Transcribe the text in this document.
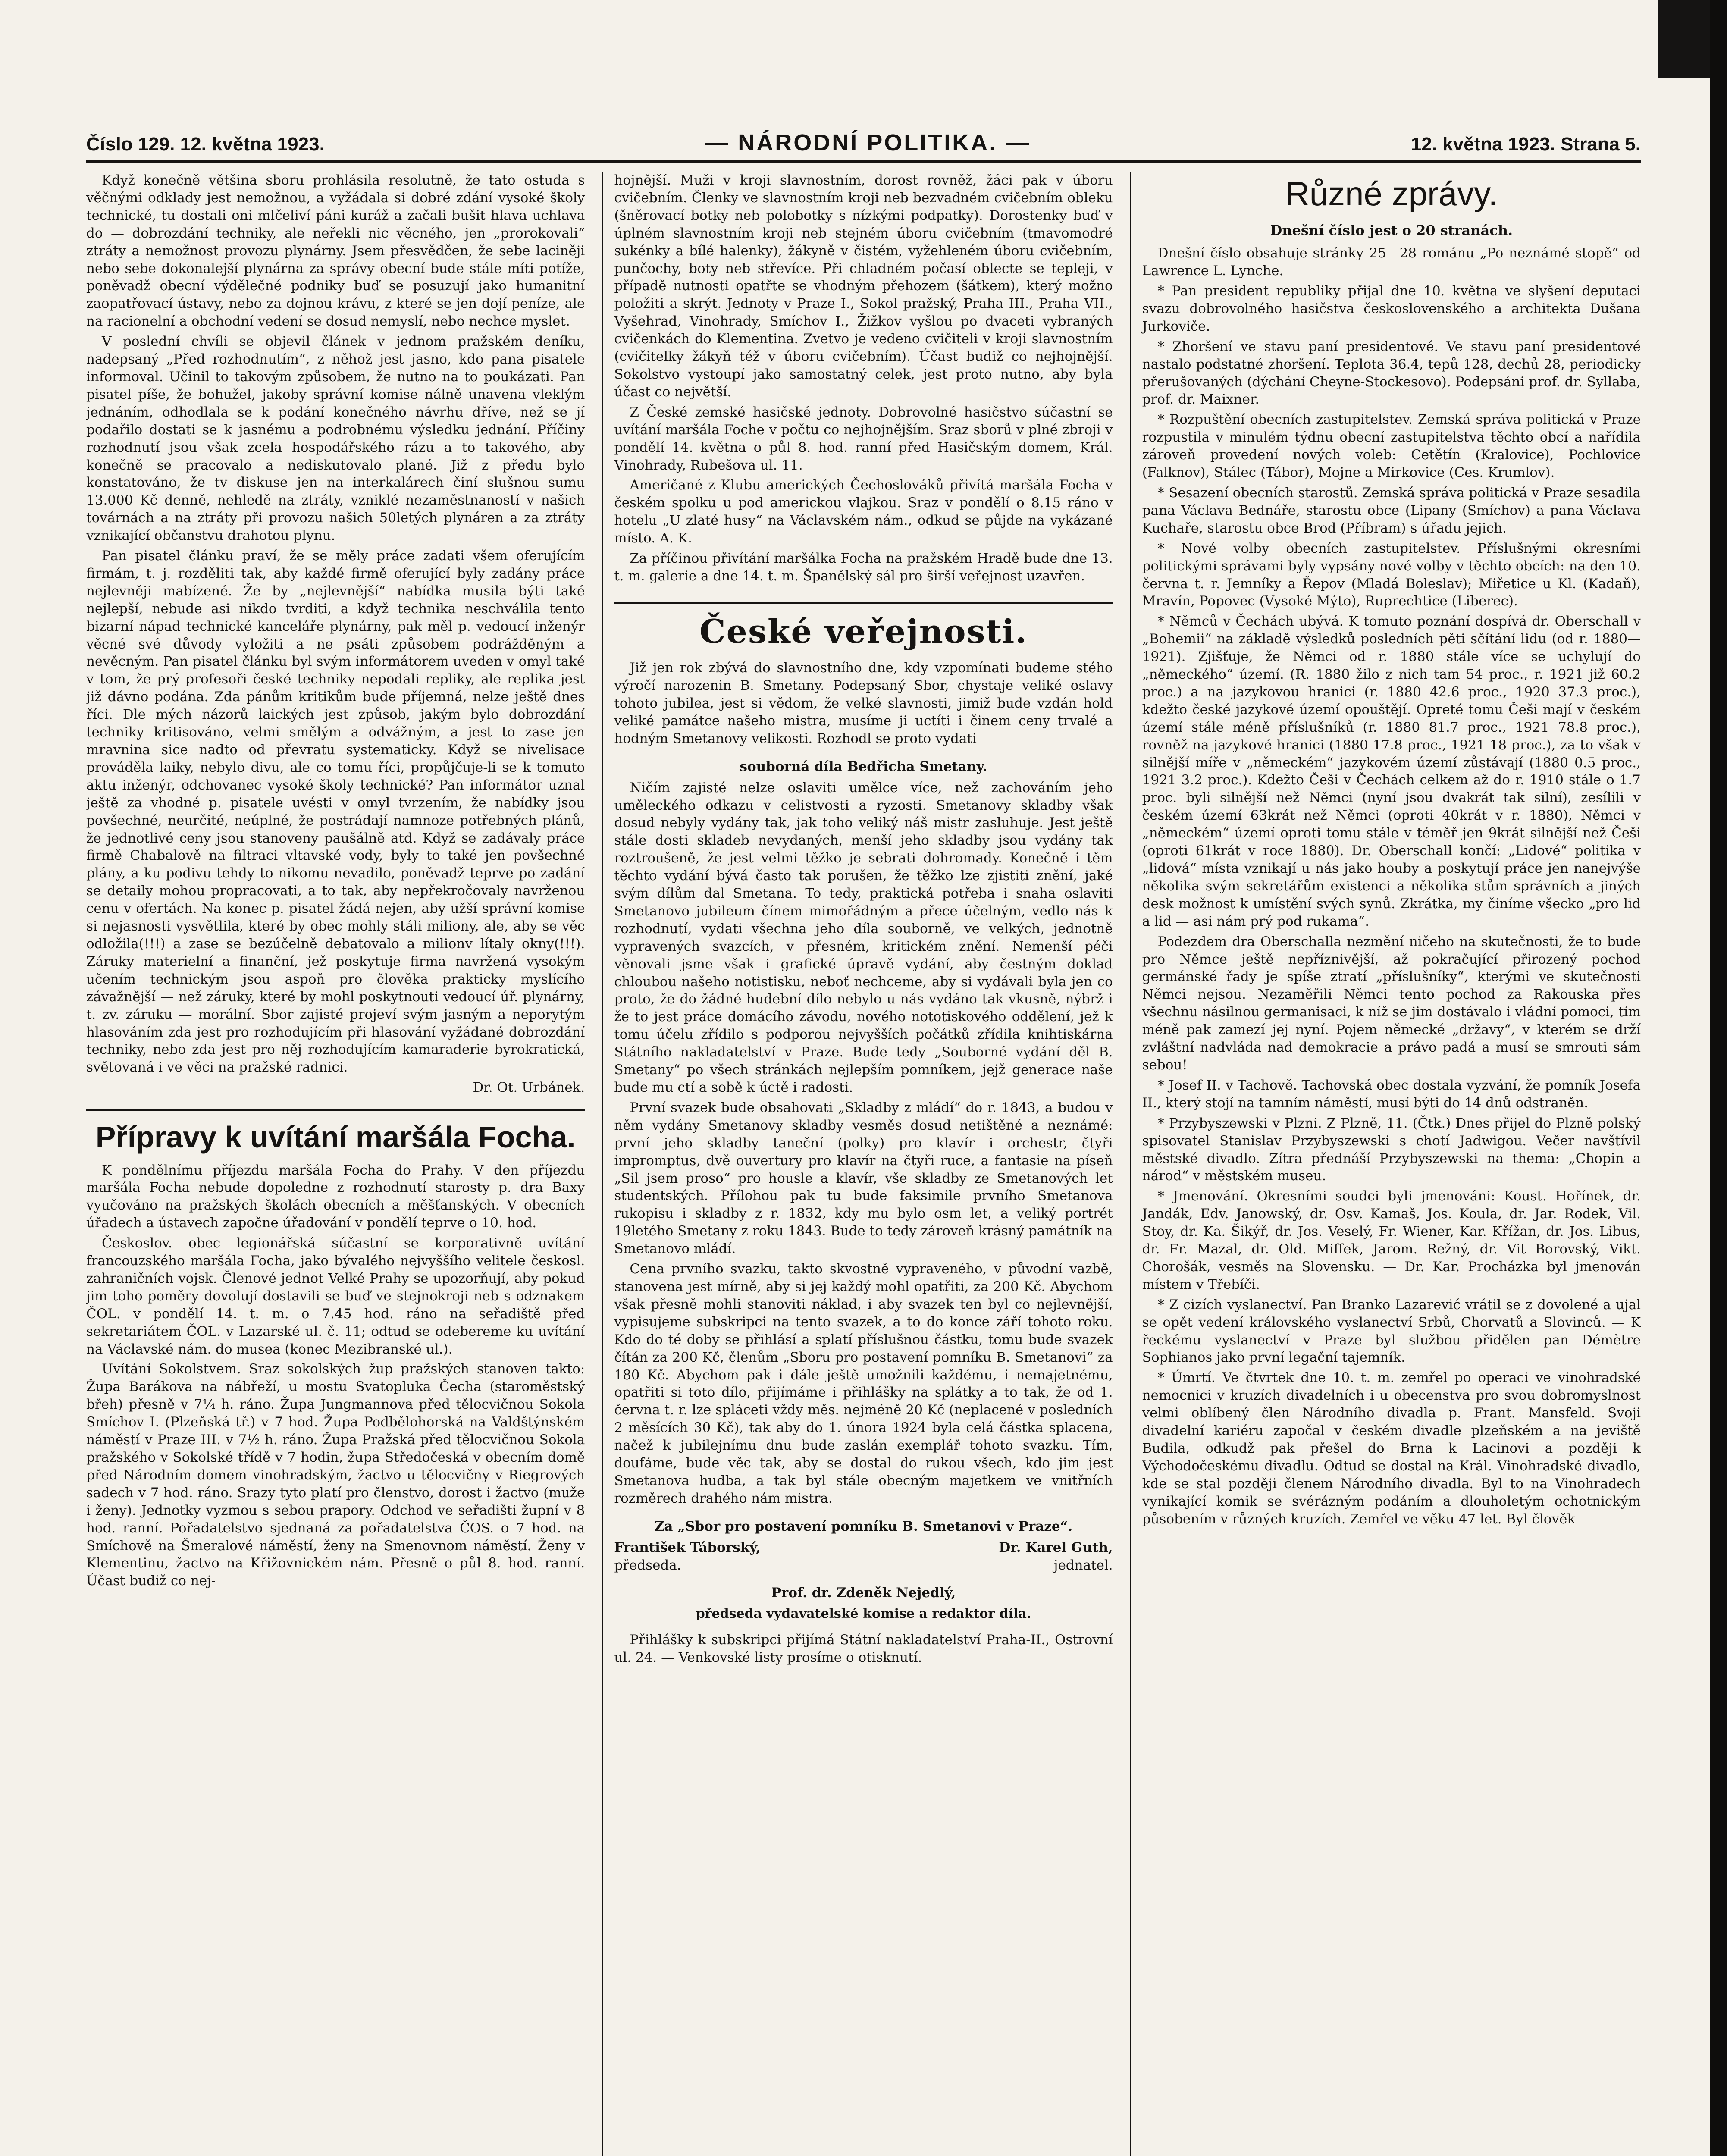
Číslo 129. 12. května 1923.	— NÁRODNÍ POLITIKA. —	12. května 1923. Strana 5.

Když konečně většina sboru prohlásila resolutně, že tato ostuda s věčnými odklady jest nemožnou, a vyžádala si dobré zdání vysoké školy technické, tu dostali oni mlčeliví páni kuráž a začali bušit hlava uchlava do — dobrozdání techniky, ale neřekli nic věcného, jen „prorokovali“ ztráty a nemožnost provozu plynárny. Jsem přesvědčen, že sebe laciněji nebo sebe dokonalejší plynárna za správy obecní bude stále míti potíže, poněvadž obecní výdělečné podniky buď se posuzují jako humanitní zaopatřovací ústavy, nebo za dojnou krávu, z které se jen dojí peníze, ale na racionelní a obchodní vedení se dosud nemyslí, nebo nechce myslet.

V poslední chvíli se objevil článek v jednom pražském deníku, nadepsaný „Před rozhodnutím“, z něhož jest jasno, kdo pana pisatele informoval. Učinil to takovým způsobem, že nutno na to poukázati. Pan pisatel píše, že bohužel, jakoby správní komise nálně unavena vleklým jednáním, odhodlala se k podání konečného návrhu dříve, než se jí podařilo dostati se k jasnému a podrobnému výsledku jednání. Příčiny rozhodnutí jsou však zcela hospodářského rázu a to takového, aby konečně se pracovalo a nediskutovalo plané. Již z předu bylo konstatováno, že tv diskuse jen na interkalárech činí slušnou sumu 13.000 Kč denně, nehledě na ztráty, vzniklé nezaměstnaností v našich továrnách a na ztráty při provozu našich 50letých plynáren a za ztráty vznikající občanstvu drahotou plynu.

Pan pisatel článku praví, že se měly práce zadati všem oferujícím firmám, t. j. rozděliti tak, aby každé firmě oferující byly zadány práce nejlevněji mabízené. Že by „nejlevnější“ nabídka musila býti také nejlepší, nebude asi nikdo tvrditi, a když technika neschválila tento bizarní nápad technické kanceláře plynárny, pak měl p. vedoucí inženýr věcné své důvody vyložiti a ne psáti způsobem podrážděným a nevěcným. Pan pisatel článku byl svým informátorem uveden v omyl také v tom, že prý profesoři české techniky nepodali repliky, ale replika jest již dávno podána. Zda pánům kritikům bude příjemná, nelze ještě dnes říci. Dle mých názorů laických jest způsob, jakým bylo dobrozdání techniky kritisováno, velmi smělým a odvážným, a jest to zase jen mravnina sice nadto od převratu systematicky. Když se nivelisace prováděla laiky, nebylo divu, ale co tomu říci, propůjčuje-li se k tomuto aktu inženýr, odchovanec vysoké školy technické? Pan informátor uznal ještě za vhodné p. pisatele uvésti v omyl tvrzením, že nabídky jsou povšechné, neurčité, neúplné, že postrádají namnoze potřebných plánů, že jednotlivé ceny jsou stanoveny paušálně atd. Když se zadávaly práce firmě Chabalově na filtraci vltavské vody, byly to také jen povšechné plány, a ku podivu tehdy to nikomu nevadilo, poněvadž teprve po zadání se detaily mohou propracovati, a to tak, aby nepřekročovaly navrženou cenu v ofertách. Na konec p. pisatel žádá nejen, aby užší správní komise si nejasnosti vysvětlila, které by obec mohly stáli miliony, ale, aby se věc odložila(!!!) a zase se bezúčelně debatovalo a milionv lítaly okny(!!!). Záruky materielní a finanční, jež poskytuje firma navržená vysokým učením technickým jsou aspoň pro člověka prakticky myslícího závažnější — než záruky, které by mohl poskytnouti vedoucí úř. plynárny, t. zv. záruku — morální. Sbor zajisté projeví svým jasným a neporytým hlasováním zda jest pro rozhodujícím při hlasování vyžádané dobrozdání techniky, nebo zda jest pro něj rozhodujícím kamaraderie byrokratická, světovaná i ve věci na pražské radnici.

Dr. Ot. Urbánek.

Přípravy k uvítání maršála Focha.

K pondělnímu příjezdu maršála Focha do Prahy. V den příjezdu maršála Focha nebude dopoledne z rozhodnutí starosty p. dra Baxy vyučováno na pražských školách obecních a měšťanských. V obecních úřadech a ústavech započne úřadování v pondělí teprve o 10. hod.

Českoslov. obec legionářská súčastní se korporativně uvítání francouzského maršála Focha, jako bývalého nejvyššího velitele českosl. zahraničních vojsk. Členové jednot Velké Prahy se upozorňují, aby pokud jim toho poměry dovolují dostavili se buď ve stejnokroji neb s odznakem ČOL. v pondělí 14. t. m. o 7.45 hod. ráno na seřadiště před sekretariátem ČOL. v Lazarské ul. č. 11; odtud se odebereme ku uvítání na Václavské nám. do musea (konec Mezibranské ul.).

Uvítání Sokolstvem. Sraz sokolských žup pražských stanoven takto: Župa Barákova na nábřeží, u mostu Svatopluka Čecha (staroměstský břeh) přesně v 7¼ h. ráno. Župa Jungmannova před tělocvičnou Sokola Smíchov I. (Plzeňská tř.) v 7 hod. Župa Podbělohorská na Valdštýnském náměstí v Praze III. v 7½ h. ráno. Župa Pražská před tělocvičnou Sokola pražského v Sokolské třídě v 7 hodin, župa Středočeská v obecním domě před Národním domem vinohradským, žactvo u tělocvičny v Riegrových sadech v 7 hod. ráno. Srazy tyto platí pro členstvo, dorost i žactvo (muže i ženy). Jednotky vyzmou s sebou prapory. Odchod ve seřadišti župní v 8 hod. ranní. Pořadatelstvo sjednaná za pořadatelstva ČOS. o 7 hod. na Smíchově na Šmeralové náměstí, ženy na Smenovnom náměstí. Ženy v Klementinu, žactvo na Křižovnickém nám. Přesně o půl 8. hod. ranní. Účast budiž co nej-

hojnější. Muži v kroji slavnostním, dorost rovněž, žáci pak v úboru cvičebním. Členky ve slavnostním kroji neb bezvadném cvičebním obleku (šněrovací botky neb polobotky s nízkými podpatky). Dorostenky buď v úplném slavnostním kroji neb stejném úboru cvičebním (tmavomodré sukénky a bílé halenky), žákyně v čistém, vyžehleném úboru cvičebním, punčochy, boty neb střevíce. Při chladném počasí oblecte se tepleji, v případě nutnosti opatřte se vhodným přehozem (šátkem), který možno položiti a skrýt. Jednoty v Praze I., Sokol pražský, Praha III., Praha VII., Vyšehrad, Vinohrady, Smíchov I., Žižkov vyšlou po dvaceti vybraných cvičenkách do Klementina. Zvetvo je vedeno cvičiteli v kroji slavnostním (cvičitelky žákyň též v úboru cvičebním). Účast budiž co nejhojnější. Sokolstvo vystoupí jako samostatný celek, jest proto nutno, aby byla účast co největší.

Z České zemské hasičské jednoty. Dobrovolné hasičstvo súčastní se uvítání maršála Foche v počtu co nejhojnějším. Sraz sborů v plné zbroji v pondělí 14. května o půl 8. hod. ranní před Hasičským domem, Král. Vinohrady, Rubešova ul. 11.

Američané z Klubu amerických Čechoslováků přivítá maršála Focha v českém spolku u pod americkou vlajkou. Sraz v pondělí o 8.15 ráno v hotelu „U zlaté husy“ na Václavském nám., odkud se půjde na vykázané místo. A. K.

Za příčinou přivítání maršálka Focha na pražském Hradě bude dne 13. t. m. galerie a dne 14. t. m. Španělský sál pro širší veřejnost uzavřen.

České veřejnosti.

Již jen rok zbývá do slavnostního dne, kdy vzpomínati budeme stého výročí narozenin B. Smetany. Podepsaný Sbor, chystaje veliké oslavy tohoto jubilea, jest si vědom, že velké slavnosti, jimiž bude vzdán hold veliké památce našeho mistra, musíme ji uctíti i činem ceny trvalé a hodným Smetanovy velikosti. Rozhodl se proto vydati

souborná díla Bedřicha Smetany.

Ničím zajisté nelze oslaviti umělce více, než zachováním jeho uměleckého odkazu v celistvosti a ryzosti. Smetanovy skladby však dosud nebyly vydány tak, jak toho veliký náš mistr zasluhuje. Jest ještě stále dosti skladeb nevydaných, menší jeho skladby jsou vydány tak roztroušeně, že jest velmi těžko je sebrati dohromady. Konečně i těm těchto vydání bývá často tak porušen, že těžko lze zjistiti znění, jaké svým dílům dal Smetana. To tedy, praktická potřeba i snaha oslaviti Smetanovo jubileum čínem mimořádným a přece účelným, vedlo nás k rozhodnutí, vydati všechna jeho díla souborně, ve velkých, jednotně vypravených svazcích, v přesném, kritickém znění. Nemenší péči věnovali jsme však i grafické úpravě vydání, aby čestným doklad chloubou našeho notistisku, neboť nechceme, aby si vydávali byla jen co proto, že do žádné hudební dílo nebylo u nás vydáno tak vkusně, nýbrž i že to jest práce domácího závodu, nového nototiskového oddělení, jež k tomu účelu zřídilo s podporou nejvyšších počátků zřídila knihtiskárna Státního nakladatelství v Praze. Bude tedy „Souborné vydání děl B. Smetany“ po všech stránkách nejlepším pomníkem, jejž generace naše bude mu ctí a sobě k úctě i radosti.

První svazek bude obsahovati „Skladby z mládí“ do r. 1843, a budou v něm vydány Smetanovy skladby vesměs dosud netištěné a neznámé: první jeho skladby taneční (polky) pro klavír i orchestr, čtyři impromptus, dvě ouvertury pro klavír na čtyři ruce, a fantasie na píseň „Sil jsem proso“ pro housle a klavír, vše skladby ze Smetanových let studentských. Přílohou pak tu bude faksimile prvního Smetanova rukopisu i skladby z r. 1832, kdy mu bylo osm let, a veliký portrét 19letého Smetany z roku 1843. Bude to tedy zároveň krásný památník na Smetanovo mládí.

Cena prvního svazku, takto skvostně vypraveného, v původní vazbě, stanovena jest mírně, aby si jej každý mohl opatřiti, za 200 Kč. Abychom však přesně mohli stanoviti náklad, i aby svazek ten byl co nejlevnější, vypisujeme subskripci na tento svazek, a to do konce září tohoto roku. Kdo do té doby se přihlásí a splatí příslušnou částku, tomu bude svazek čítán za 200 Kč, členům „Sboru pro postavení pomníku B. Smetanovi“ za 180 Kč. Abychom pak i dále ještě umožnili každému, i nemajetnému, opatřiti si toto dílo, přijímáme i přihlášky na splátky a to tak, že od 1. června t. r. lze spláceti vždy měs. nejméně 20 Kč (neplacené v posledních 2 měsících 30 Kč), tak aby do 1. února 1924 byla celá částka splacena, načež k jubilejnímu dnu bude zaslán exemplář tohoto svazku. Tím, doufáme, bude věc tak, aby se dostal do rukou všech, kdo jim jest Smetanova hudba, a tak byl stále obecným majetkem ve vnitřních rozměrech drahého nám mistra.

Za „Sbor pro postavení pomníku B. Smetanovi v Praze“.

František Táborský,	Dr. Karel Guth,
předseda.	jednatel.

Prof. dr. Zdeněk Nejedlý,

předseda vydavatelské komise a redaktor díla.

Přihlášky k subskripci přijímá Státní nakladatelství Praha-II., Ostrovní ul. 24. — Venkovské listy prosíme o otisknutí.

Různé zprávy.

Dnešní číslo jest o 20 stranách.

Dnešní číslo obsahuje stránky 25—28 románu „Po neznámé stopě“ od Lawrence L. Lynche.

* Pan president republiky přijal dne 10. května ve slyšení deputaci svazu dobrovolného hasičstva československého a architekta Dušana Jurkoviče.

* Zhoršení ve stavu paní presidentové. Ve stavu paní presidentové nastalo podstatné zhoršení. Teplota 36.4, tepů 128, dechů 28, periodicky přerušovaných (dýchání Cheyne-Stockesovo). Podepsáni prof. dr. Syllaba, prof. dr. Maixner.

* Rozpuštění obecních zastupitelstev. Zemská správa politická v Praze rozpustila v minulém týdnu obecní zastupitelstva těchto obcí a nařídila zároveň provedení nových voleb: Cetětín (Kralovice), Pochlovice (Falknov), Stálec (Tábor), Mojne a Mirkovice (Ces. Krumlov).

* Sesazení obecních starostů. Zemská správa politická v Praze sesadila pana Václava Bednáře, starostu obce (Lipany (Smíchov) a pana Václava Kuchaře, starostu obce Brod (Příbram) s úřadu jejich.

* Nové volby obecních zastupitelstev. Příslušnými okresními politickými správami byly vypsány nové volby v těchto obcích: na den 10. června t. r. Jemníky a Řepov (Mladá Boleslav); Miřetice u Kl. (Kadaň), Mravín, Popovec (Vysoké Mýto), Ruprechtice (Liberec).

* Němců v Čechách ubývá. K tomuto poznání dospívá dr. Oberschall v „Bohemii“ na základě výsledků posledních pěti sčítání lidu (od r. 1880—1921). Zjišťuje, že Němci od r. 1880 stále více se uchylují do „německého“ území. (R. 1880 žilo z nich tam 54 proc., r. 1921 již 60.2 proc.) a na jazykovou hranici (r. 1880 42.6 proc., 1920 37.3 proc.), kdežto české jazykové území opouštějí. Opreté tomu Češi mají v českém území stále méně příslušníků (r. 1880 81.7 proc., 1921 78.8 proc.), rovněž na jazykové hranici (1880 17.8 proc., 1921 18 proc.), za to však v silnější míře v „německém“ jazykovém území zůstávají (1880 0.5 proc., 1921 3.2 proc.). Kdežto Češi v Čechách celkem až do r. 1910 stále o 1.7 proc. byli silnější než Němci (nyní jsou dvakrát tak silní), zesílili v českém území 63krát než Němci (oproti 40krát v r. 1880), Němci v „německém“ území oproti tomu stále v téměř jen 9krát silnější než Češi (oproti 61krát v roce 1880). Dr. Oberschall končí: „Lidové“ politika v „lidová“ místa vznikají u nás jako houby a poskytují práce jen nanejvýše několika svým sekretářům existenci a několika stům správních a jiných desk možnost k umístění svých synů. Zkrátka, my činíme všecko „pro lid a lid — asi nám prý pod rukama“.

Podezdem dra Oberschalla nezmění ničeho na skutečnosti, že to bude pro Němce ještě nepříznivější, až pokračující přirozený pochod germánské řady je spíše ztratí „příslušníky“, kterými ve skutečnosti Němci nejsou. Nezaměřili Němci tento pochod za Rakouska přes všechnu násilnou germanisaci, k níž se jim dostávalo i vládní pomoci, tím méně pak zamezí jej nyní. Pojem německé „državy“, v kterém se drží zvláštní nadvláda nad demokracie a právo padá a musí se smrouti sám sebou!

* Josef II. v Tachově. Tachovská obec dostala vyzvání, že pomník Josefa II., který stojí na tamním náměstí, musí býti do 14 dnů odstraněn.

* Przybyszewski v Plzni. Z Plzně, 11. (Čtk.) Dnes přijel do Plzně polský spisovatel Stanislav Przybyszewski s chotí Jadwigou. Večer navštívil městské divadlo. Zítra přednáší Przybyszewski na thema: „Chopin a národ“ v městském museu.

* Jmenování. Okresními soudci byli jmenováni: Koust. Hořínek, dr. Jandák, Edv. Janowský, dr. Osv. Kamaš, Jos. Koula, dr. Jar. Rodek, Vil. Stoy, dr. Ka. Šikýř, dr. Jos. Veselý, Fr. Wiener, Kar. Křížan, dr. Jos. Libus, dr. Fr. Mazal, dr. Old. Miffek, Jarom. Režný, dr. Vit Borovský, Vikt. Chorošák, vesměs na Slovensku. — Dr. Kar. Procházka byl jmenován místem v Třebíči.

* Z cizích vyslanectví. Pan Branko Lazarević vrátil se z dovolené a ujal se opět vedení královského vyslanectví Srbů, Chorvatů a Slovinců. — K řeckému vyslanectví v Praze byl službou přidělen pan Démètre Sophianos jako první legační tajemník.

* Úmrtí. Ve čtvrtek dne 10. t. m. zemřel po operaci ve vinohradské nemocnici v kruzích divadelních i u obecenstva pro svou dobromyslnost velmi oblíbený člen Národního divadla p. Frant. Mansfeld. Svoji divadelní kariéru započal v českém divadle plzeňském a na jeviště Budila, odkudž pak přešel do Brna k Lacinovi a později k Východočeskému divadlu. Odtud se dostal na Král. Vinohradské divadlo, kde se stal později členem Národního divadla. Byl to na Vinohradech vynikající komik se svérázným podáním a dlouholetým ochotnickým působením v různých kruzích. Zemřel ve věku 47 let. Byl člověk
